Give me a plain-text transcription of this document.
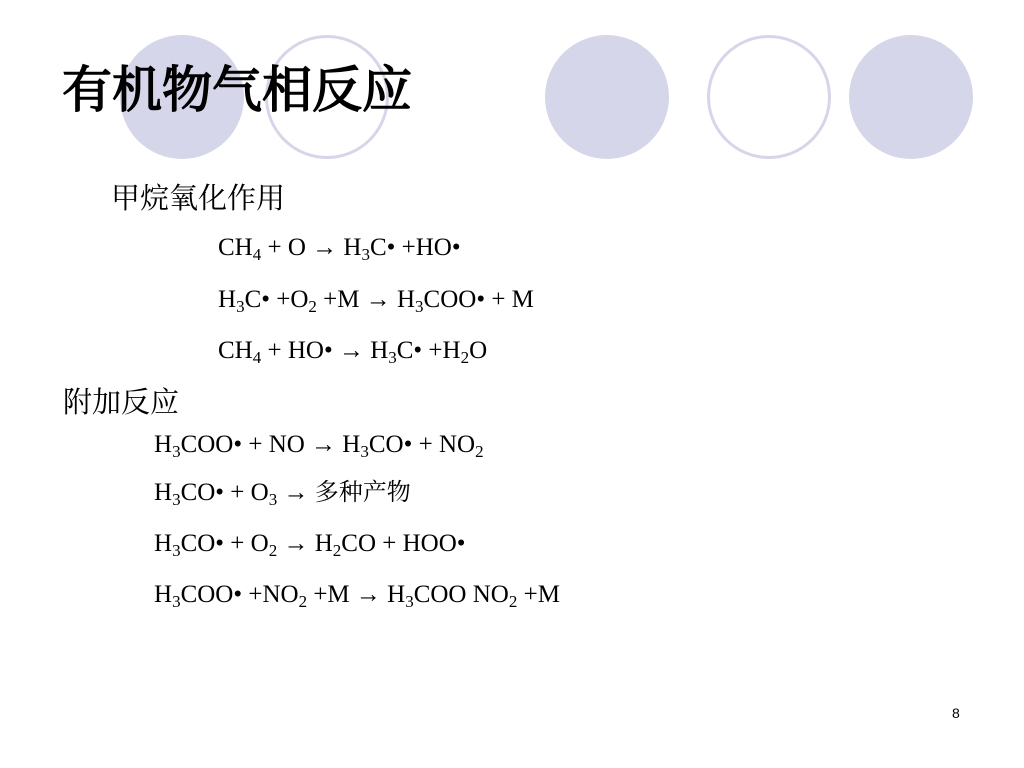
有机物气相反应
甲烷氧化作用
$CH_4 + O$ → $H_3C•$ +HO•
$H_3C• +O_2 +M$ → $H_3COO• + M$
$CH_4$ + HO• → $H_3C• +H_2O$
附加反应
$H_3COO•$ + NO → $H_3CO• + NO_2$
$H_3CO• + O_3$ → 多种产物
$H_3CO• + O_2 \to H_2CO$ + HOO•
$H_3COO• +NO_2 +M \to H_3COO$ $NO_2 +M$
8
